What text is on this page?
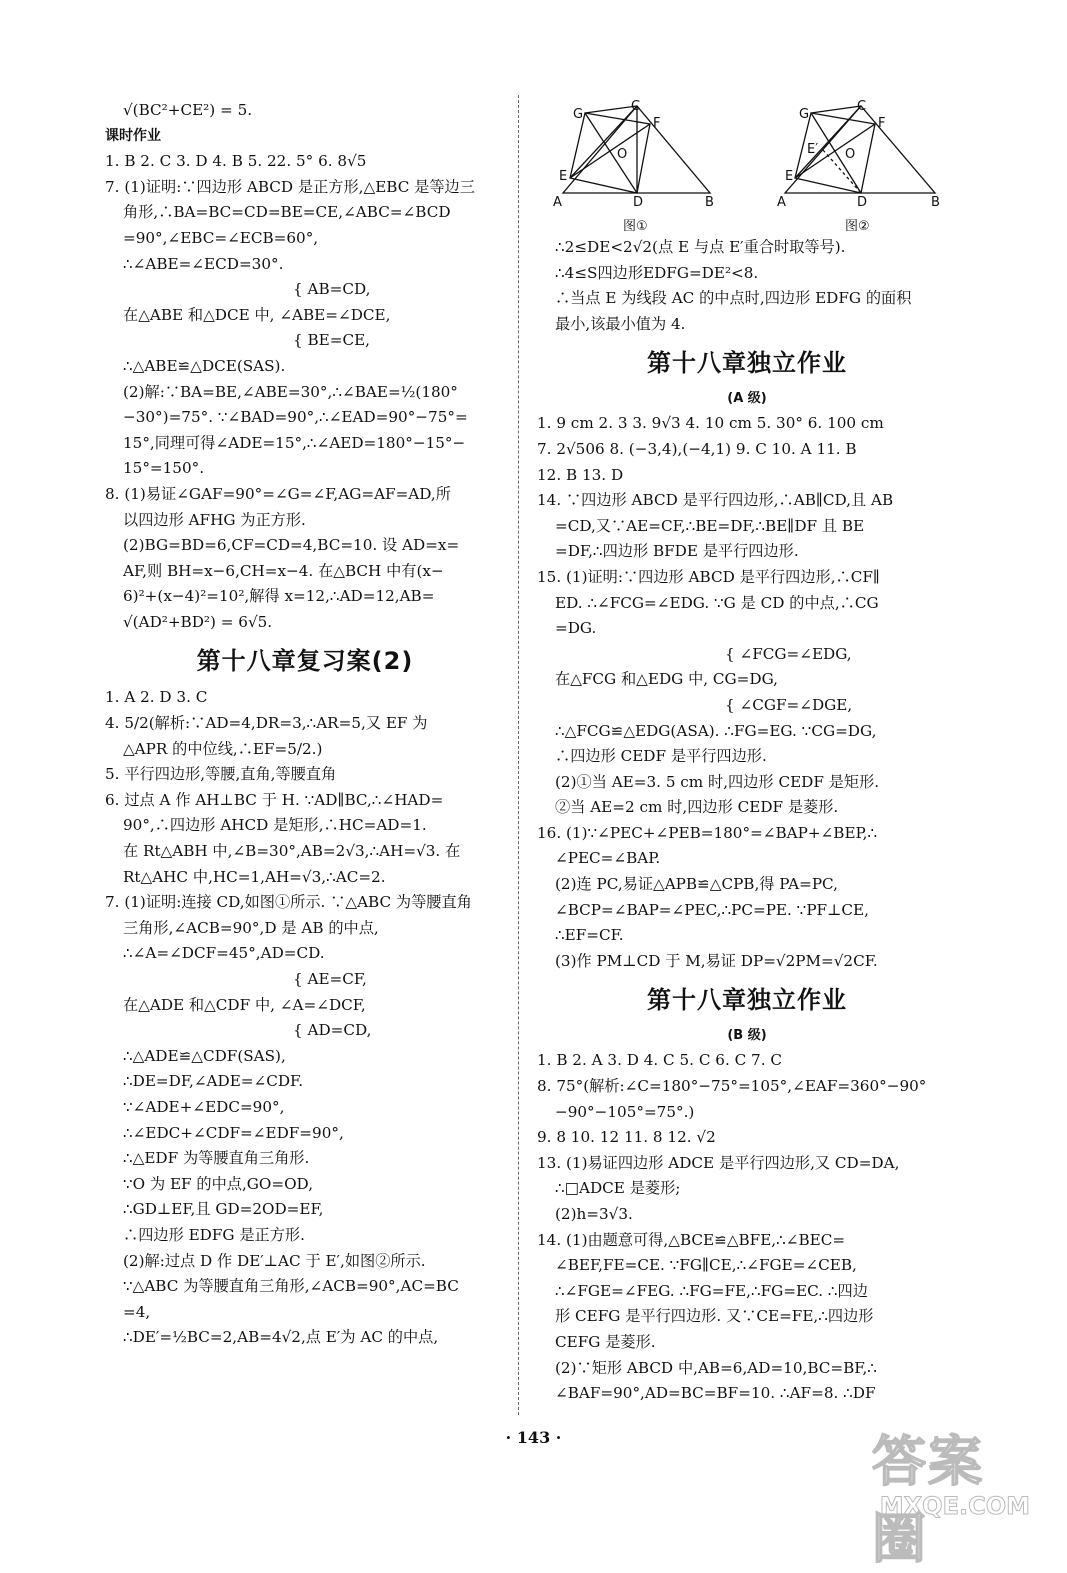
√(BC²+CE²) = 5.
课时作业
1. B 2. C 3. D 4. B 5. 22. 5° 6. 8√5
7. (1)证明:∵四边形 ABCD 是正方形,△EBC 是等边三
角形,∴BA=BC=CD=BE=CE,∠ABC=∠BCD
=90°,∠EBC=∠ECB=60°,
∴∠ABE=∠ECD=30°.
{ AB=CD,
在△ABE 和△DCE 中, ∠ABE=∠DCE,
{ BE=CE,
∴△ABE≌△DCE(SAS).
(2)解:∵BA=BE,∠ABE=30°,∴∠BAE=½(180°
−30°)=75°. ∵∠BAD=90°,∴∠EAD=90°−75°=
15°,同理可得∠ADE=15°,∴∠AED=180°−15°−
15°=150°.
8. (1)易证∠GAF=90°=∠G=∠F,AG=AF=AD,所
以四边形 AFHG 为正方形.
(2)BG=BD=6,CF=CD=4,BC=10. 设 AD=x=
AF,则 BH=x−6,CH=x−4. 在△BCH 中有(x−
6)²+(x−4)²=10²,解得 x=12,∴AD=12,AB=
√(AD²+BD²) = 6√5.
第十八章复习案(2)
1. A 2. D 3. C
4. 5/2(解析:∵AD=4,DR=3,∴AR=5,又 EF 为
△APR 的中位线,∴EF=5/2.)
5. 平行四边形,等腰,直角,等腰直角
6. 过点 A 作 AH⊥BC 于 H. ∵AD∥BC,∴∠HAD=
90°,∴四边形 AHCD 是矩形,∴HC=AD=1.
在 Rt△ABH 中,∠B=30°,AB=2√3,∴AH=√3. 在
Rt△AHC 中,HC=1,AH=√3,∴AC=2.
7. (1)证明:连接 CD,如图①所示. ∵△ABC 为等腰直角
三角形,∠ACB=90°,D 是 AB 的中点,
∴∠A=∠DCF=45°,AD=CD.
{ AE=CF,
在△ADE 和△CDF 中, ∠A=∠DCF,
{ AD=CD,
∴△ADE≌△CDF(SAS),
∴DE=DF,∠ADE=∠CDF.
∵∠ADE+∠EDC=90°,
∴∠EDC+∠CDF=∠EDF=90°,
∴△EDF 为等腰直角三角形.
∵O 为 EF 的中点,GO=OD,
∴GD⊥EF,且 GD=2OD=EF,
∴四边形 EDFG 是正方形.
(2)解:过点 D 作 DE′⊥AC 于 E′,如图②所示.
∵△ABC 为等腰直角三角形,∠ACB=90°,AC=BC
=4,
∴DE′=½BC=2,AB=4√2,点 E′为 AC 的中点,
G
C
F
O
E
A	D	B
G
C
F
O
E′
E
A	D	B
图①	图②
∴2≤DE<2√2(点 E 与点 E′重合时取等号).
∴4≤S四边形EDFG=DE²<8.
∴当点 E 为线段 AC 的中点时,四边形 EDFG 的面积
最小,该最小值为 4.
第十八章独立作业
(A 级)
1. 9 cm 2. 3 3. 9√3 4. 10 cm 5. 30° 6. 100 cm
7. 2√506 8. (−3,4),(−4,1) 9. C 10. A 11. B
12. B 13. D
14. ∵四边形 ABCD 是平行四边形,∴AB∥CD,且 AB
=CD,又∵AE=CF,∴BE=DF,∴BE∥DF 且 BE
=DF,∴四边形 BFDE 是平行四边形.
15. (1)证明:∵四边形 ABCD 是平行四边形,∴CF∥
ED. ∴∠FCG=∠EDG. ∵G 是 CD 的中点,∴CG
=DG.
{ ∠FCG=∠EDG,
在△FCG 和△EDG 中, CG=DG,
{ ∠CGF=∠DGE,
∴△FCG≌△EDG(ASA). ∴FG=EG. ∵CG=DG,
∴四边形 CEDF 是平行四边形.
(2)①当 AE=3. 5 cm 时,四边形 CEDF 是矩形.
②当 AE=2 cm 时,四边形 CEDF 是菱形.
16. (1)∵∠PEC+∠PEB=180°=∠BAP+∠BEP,∴
∠PEC=∠BAP.
(2)连 PC,易证△APB≌△CPB,得 PA=PC,
∠BCP=∠BAP=∠PEC,∴PC=PE. ∵PF⊥CE,
∴EF=CF.
(3)作 PM⊥CD 于 M,易证 DP=√2PM=√2CF.
第十八章独立作业
(B 级)
1. B 2. A 3. D 4. C 5. C 6. C 7. C
8. 75°(解析:∠C=180°−75°=105°,∠EAF=360°−90°
−90°−105°=75°.)
9. 8 10. 12 11. 8 12. √2
13. (1)易证四边形 ADCE 是平行四边形,又 CD=DA,
∴□ADCE 是菱形;
(2)h=3√3.
14. (1)由题意可得,△BCE≌△BFE,∴∠BEC=
∠BEF,FE=CE. ∵FG∥CE,∴∠FGE=∠CEB,
∴∠FGE=∠FEG. ∴FG=FE,∴FG=EC. ∴四边
形 CEFG 是平行四边形. 又∵CE=FE,∴四边形
CEFG 是菱形.
(2)∵矩形 ABCD 中,AB=6,AD=10,BC=BF,∴
∠BAF=90°,AD=BC=BF=10. ∴AF=8. ∴DF
· 143 ·	答案圈
MXQE.COM
